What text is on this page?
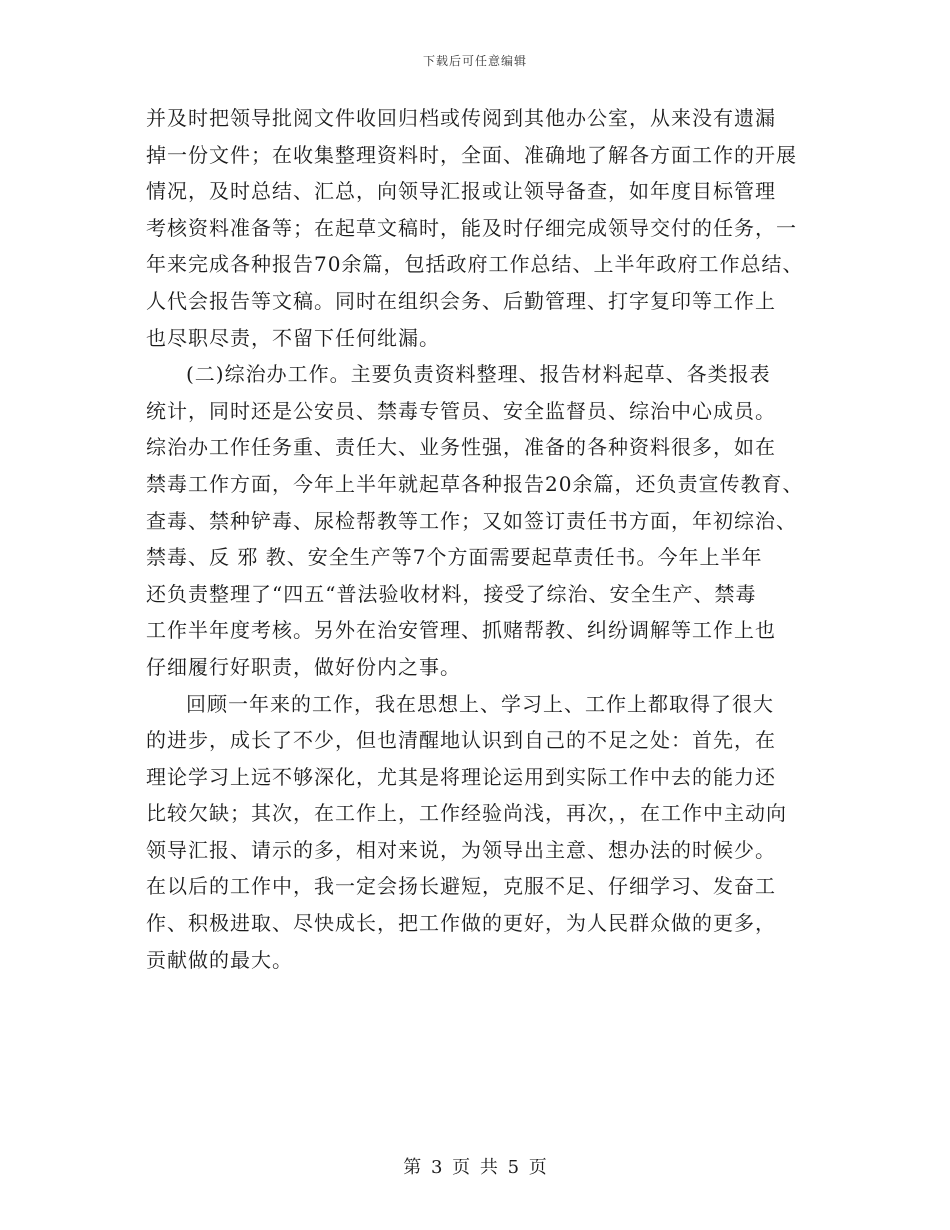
下载后可任意编辑
并及时把领导批阅文件收回归档或传阅到其他办公室，从来没有遗漏
掉一份文件；在收集整理资料时，全面、准确地了解各方面工作的开展
情况，及时总结、汇总，向领导汇报或让领导备查，如年度目标管理
考核资料准备等；在起草文稿时，能及时仔细完成领导交付的任务，一
年来完成各种报告70余篇，包括政府工作总结、上半年政府工作总结、
人代会报告等文稿。同时在组织会务、后勤管理、打字复印等工作上
也尽职尽责，不留下任何纰漏。
(二)综治办工作。主要负责资料整理、报告材料起草、各类报表
统计，同时还是公安员、禁毒专管员、安全监督员、综治中心成员。
综治办工作任务重、责任大、业务性强，准备的各种资料很多，如在
禁毒工作方面，今年上半年就起草各种报告20余篇，还负责宣传教育、
查毒、禁种铲毒、尿检帮教等工作；又如签订责任书方面，年初综治、
禁毒、反 邪 教、安全生产等7个方面需要起草责任书。今年上半年
还负责整理了“四五“普法验收材料，接受了综治、安全生产、禁毒
工作半年度考核。另外在治安管理、抓赌帮教、纠纷调解等工作上也
仔细履行好职责，做好份内之事。
回顾一年来的工作，我在思想上、学习上、工作上都取得了很大
的进步，成长了不少，但也清醒地认识到自己的不足之处：首先，在
理论学习上远不够深化，尤其是将理论运用到实际工作中去的能力还
比较欠缺；其次，在工作上，工作经验尚浅，再次，，在工作中主动向
领导汇报、请示的多，相对来说，为领导出主意、想办法的时候少。
在以后的工作中，我一定会扬长避短，克服不足、仔细学习、发奋工
作、积极进取、尽快成长，把工作做的更好，为人民群众做的更多，
贡献做的最大。
第 3 页 共 5 页
